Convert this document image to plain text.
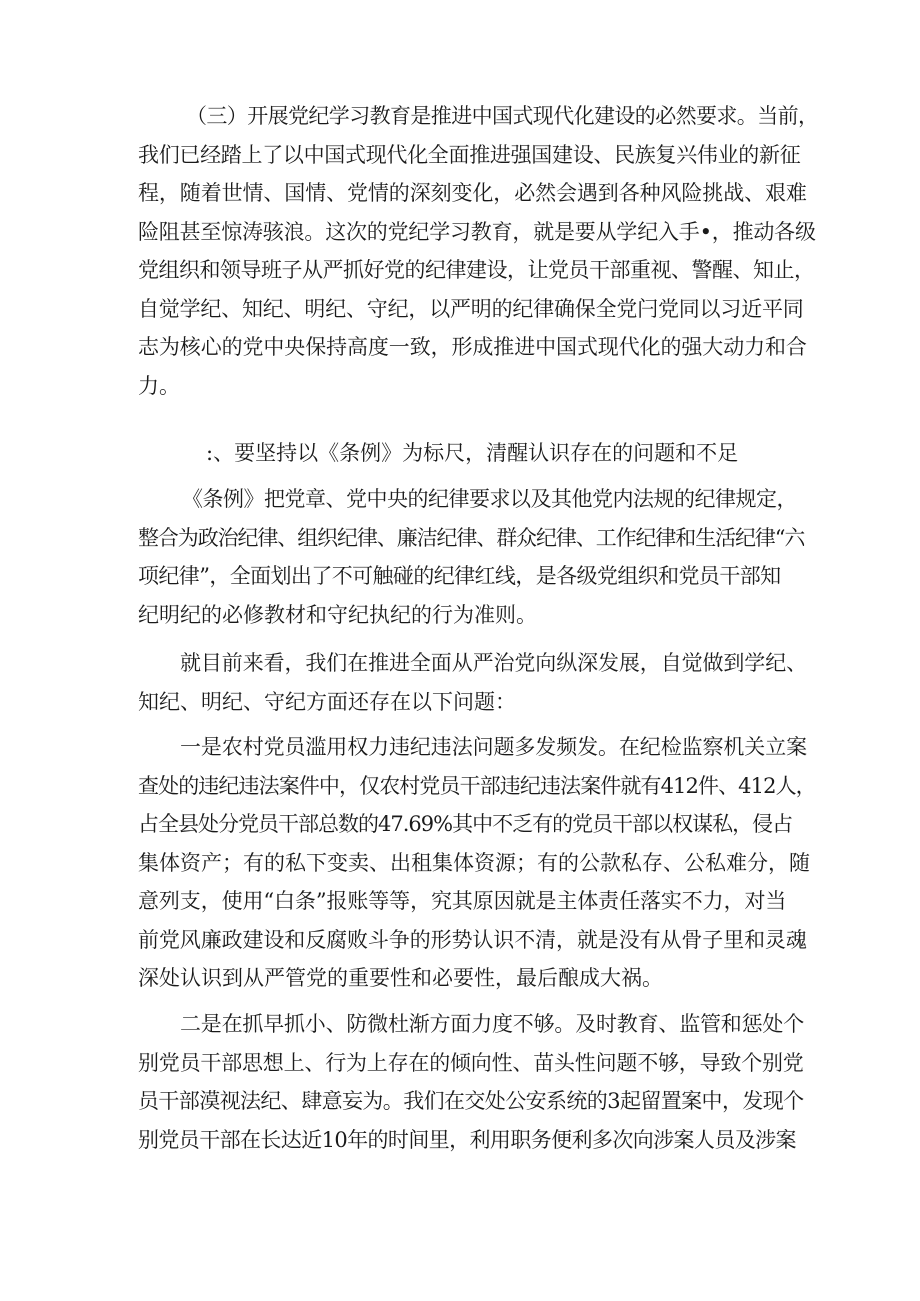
（三）开展党纪学习教育是推进中国式现代化建设的必然要求。当前，
我们已经踏上了以中国式现代化全面推进强国建设、民族复兴伟业的新征
程，随着世情、国情、党情的深刻变化，必然会遇到各种风险挑战、艰难
险阻甚至惊涛骇浪。这次的党纪学习教育，就是要从学纪入手•，推动各级
党组织和领导班子从严抓好党的纪律建设，让党员干部重视、警醒、知止，
自觉学纪、知纪、明纪、守纪，以严明的纪律确保全党闩党同以习近平同
志为核心的党中央保持高度一致，形成推进中国式现代化的强大动力和合
力。
:、要坚持以《条例》为标尺，清醒认识存在的问题和不足
《条例》把党章、党中央的纪律要求以及其他党内法规的纪律规定，
整合为政治纪律、组织纪律、廉洁纪律、群众纪律、工作纪律和生活纪律“六
项纪律”，全面划出了不可触碰的纪律红线，是各级党组织和党员干部知
纪明纪的必修教材和守纪执纪的行为准则。
就目前来看，我们在推进全面从严治党向纵深发展，自觉做到学纪、
知纪、明纪、守纪方面还存在以下问题：
一是农村党员滥用权力违纪违法问题多发频发。在纪检监察机关立案
查处的违纪违法案件中，仅农村党员干部违纪违法案件就有412件、412人，
占全县处分党员干部总数的47.69%其中不乏有的党员干部以权谋私，侵占
集体资产；有的私下变卖、出租集体资源；有的公款私存、公私难分，随
意列支，使用“白条”报账等等，究其原因就是主体责任落实不力，对当
前党风廉政建设和反腐败斗争的形势认识不清，就是没有从骨子里和灵魂
深处认识到从严管党的重要性和必要性，最后酿成大祸。
二是在抓早抓小、防微杜渐方面力度不够。及时教育、监管和惩处个
别党员干部思想上、行为上存在的倾向性、苗头性问题不够，导致个别党
员干部漠视法纪、肆意妄为。我们在交处公安系统的3起留置案中，发现个
别党员干部在长达近10年的时间里，利用职务便利多次向涉案人员及涉案
